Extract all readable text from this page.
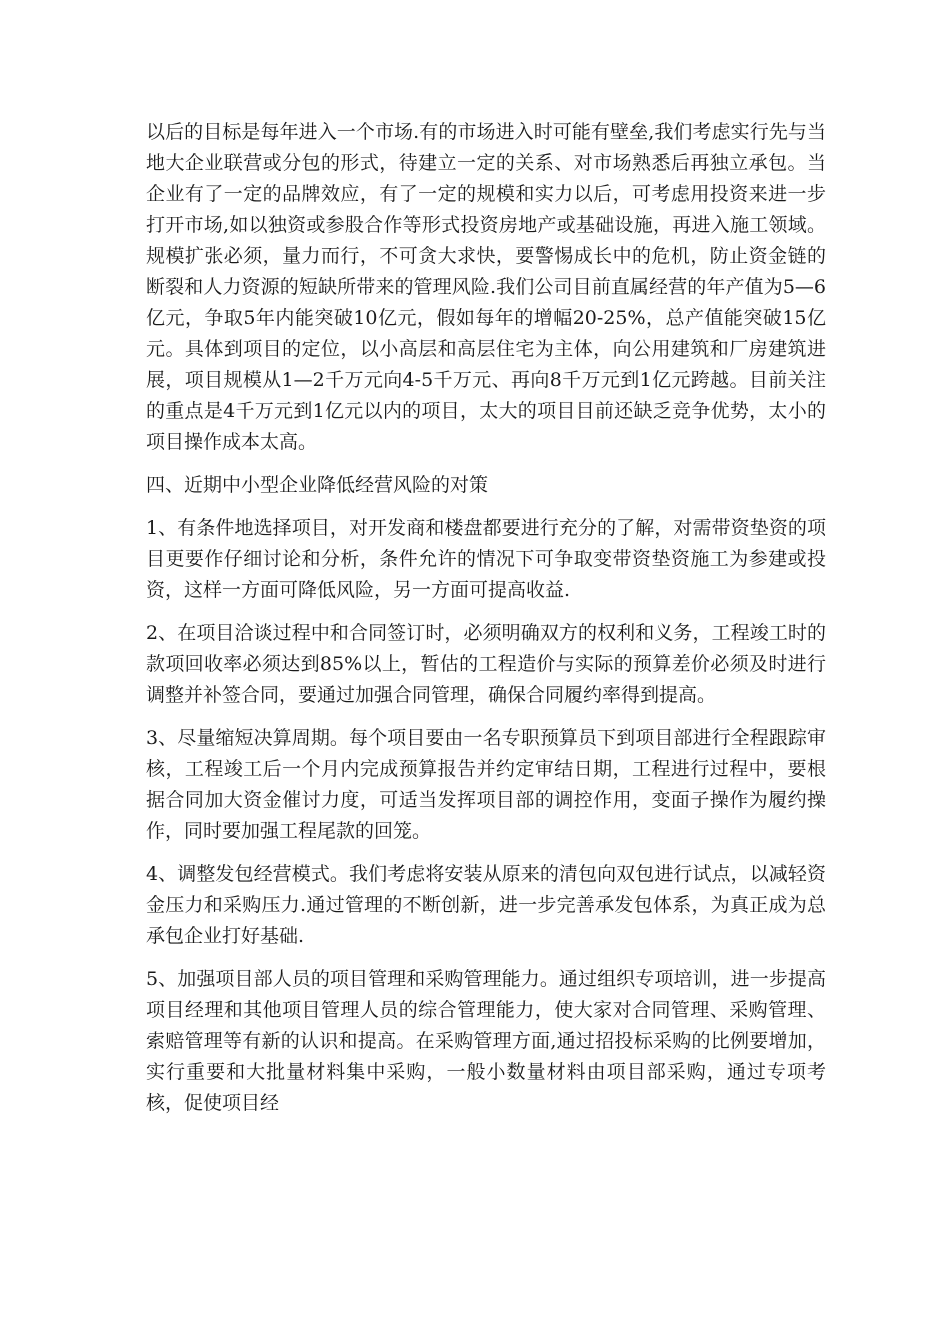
以后的目标是每年进入一个市场.有的市场进入时可能有壁垒,我们考虑实行先与当地大企业联营或分包的形式，待建立一定的关系、对市场熟悉后再独立承包。当企业有了一定的品牌效应，有了一定的规模和实力以后，可考虑用投资来进一步打开市场,如以独资或参股合作等形式投资房地产或基础设施，再进入施工领域。规模扩张必须，量力而行，不可贪大求快，要警惕成长中的危机，防止资金链的断裂和人力资源的短缺所带来的管理风险.我们公司目前直属经营的年产值为5—6亿元，争取5年内能突破10亿元，假如每年的增幅20-25%，总产值能突破15亿元。具体到项目的定位，以小高层和高层住宅为主体，向公用建筑和厂房建筑进展，项目规模从1—2千万元向4-5千万元、再向8千万元到1亿元跨越。目前关注的重点是4千万元到1亿元以内的项目，太大的项目目前还缺乏竞争优势，太小的项目操作成本太高。

四、近期中小型企业降低经营风险的对策

1、有条件地选择项目，对开发商和楼盘都要进行充分的了解，对需带资垫资的项目更要作仔细讨论和分析，条件允许的情况下可争取变带资垫资施工为参建或投资，这样一方面可降低风险，另一方面可提高收益.

2、在项目洽谈过程中和合同签订时，必须明确双方的权利和义务，工程竣工时的款项回收率必须达到85%以上，暂估的工程造价与实际的预算差价必须及时进行调整并补签合同，要通过加强合同管理，确保合同履约率得到提高。

3、尽量缩短决算周期。每个项目要由一名专职预算员下到项目部进行全程跟踪审核，工程竣工后一个月内完成预算报告并约定审结日期，工程进行过程中，要根据合同加大资金催讨力度，可适当发挥项目部的调控作用，变面子操作为履约操作，同时要加强工程尾款的回笼。

4、调整发包经营模式。我们考虑将安装从原来的清包向双包进行试点，以减轻资金压力和采购压力.通过管理的不断创新，进一步完善承发包体系，为真正成为总承包企业打好基础.

5、加强项目部人员的项目管理和采购管理能力。通过组织专项培训，进一步提高项目经理和其他项目管理人员的综合管理能力，使大家对合同管理、采购管理、索赔管理等有新的认识和提高。在采购管理方面,通过招投标采购的比例要增加，实行重要和大批量材料集中采购，一般小数量材料由项目部采购，通过专项考核，促使项目经
